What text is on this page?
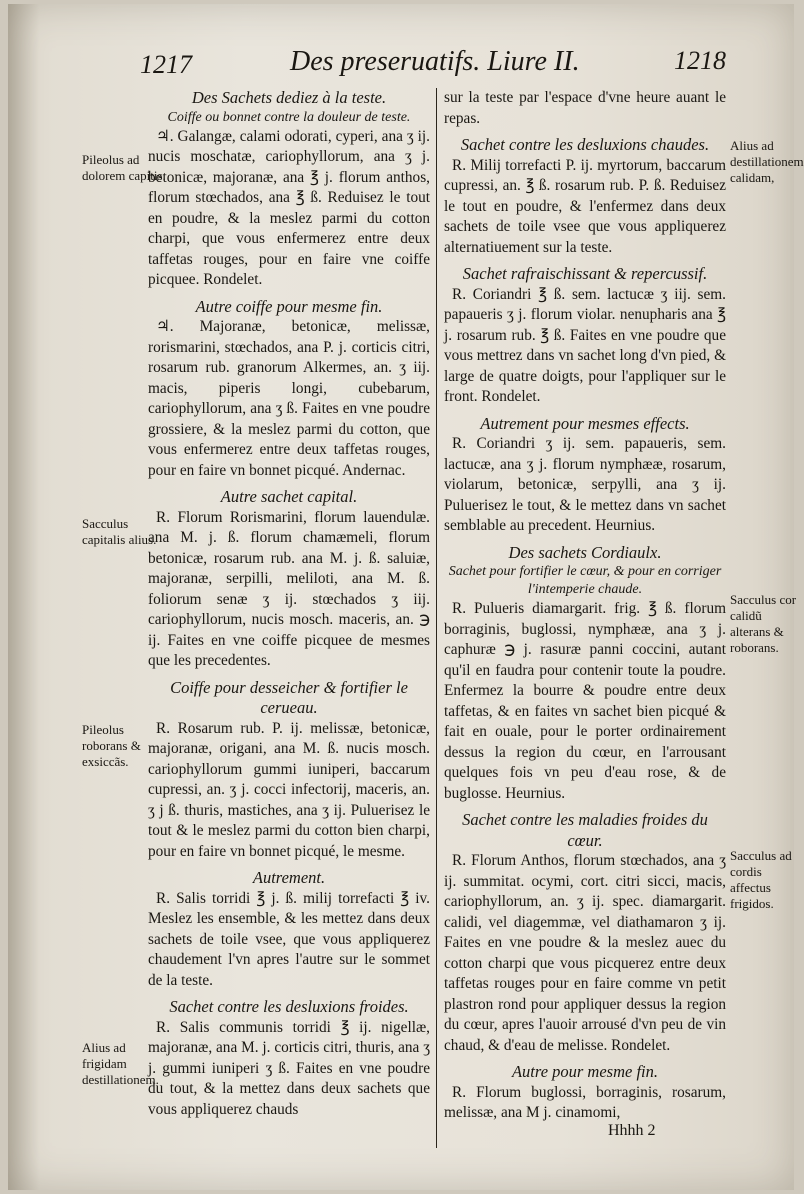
1217	Des preseruatifs. Liure II.	1218
Des Sachets dediez à la teste.
Coiffe ou bonnet contre la douleur de teste.
♃. Galangæ, calami odorati, cyperi, ana ʒ ij. nucis moschatæ, cariophyllorum, ana ʒ j. betonicæ, majoranæ, ana ℥ j. florum anthos, florum stœchados, ana ℥ ß. Reduisez le tout en poudre, & la meslez parmi du cotton charpi, que vous enfermerez entre deux taffetas rouges, pour en faire vne coiffe picquee. Rondelet.
Autre coiffe pour mesme fin.
♃. Majoranæ, betonicæ, melissæ, rorismarini, stœchados, ana P. j. corticis citri, rosarum rub. granorum Alkermes, an. ʒ iij. macis, piperis longi, cubebarum, cariophyllorum, ana ʒ ß. Faites en vne poudre grossiere, & la meslez parmi du cotton, que vous enfermerez entre deux taffetas rouges, pour en faire vn bonnet picqué. Andernac.
Autre sachet capital.
R. Florum Rorismarini, florum lauendulæ. ana M. j. ß. florum chamæmeli, florum betonicæ, rosarum rub. ana M. j. ß. saluiæ, majoranæ, serpilli, meliloti, ana M. ß. foliorum senæ ʒ ij. stœchados ʒ iij. cariophyllorum, nucis mosch. maceris, an. ℈ ij. Faites en vne coiffe picquee de mesmes que les precedentes.
Coiffe pour desseicher & fortifier le cerueau.
R. Rosarum rub. P. ij. melissæ, betonicæ, majoranæ, origani, ana M. ß. nucis mosch. cariophyllorum gummi iuniperi, baccarum cupressi, an. ʒ j. cocci infectorij, maceris, an. ʒ j ß. thuris, mastiches, ana ʒ ij. Puluerisez le tout & le meslez parmi du cotton bien charpi, pour en faire vn bonnet picqué, le mesme.
Autrement.
R. Salis torridi ℥ j. ß. milij torrefacti ℥ iv. Meslez les ensemble, & les mettez dans deux sachets de toile vsee, que vous appliquerez chaudement l'vn apres l'autre sur le sommet de la teste.
Sachet contre les desluxions froides.
R. Salis communis torridi ℥ ij. nigellæ, majoranæ, ana M. j. corticis citri, thuris, ana ʒ j. gummi iuniperi ʒ ß. Faites en vne poudre du tout, & la mettez dans deux sachets que vous appliquerez chauds
sur la teste par l'espace d'vne heure auant le repas.
Sachet contre les desluxions chaudes.
R. Milij torrefacti P. ij. myrtorum, baccarum cupressi, an. ℥ ß. rosarum rub. P. ß. Reduisez le tout en poudre, & l'enfermez dans deux sachets de toile vsee que vous appliquerez alternatiuement sur la teste.
Sachet rafraischissant & repercussif.
R. Coriandri ℥ ß. sem. lactucæ ʒ iij. sem. papaueris ʒ j. florum violar. nenupharis ana ℥ j. rosarum rub. ℥ ß. Faites en vne poudre que vous mettrez dans vn sachet long d'vn pied, & large de quatre doigts, pour l'appliquer sur le front. Rondelet.
Autrement pour mesmes effects.
R. Coriandri ʒ ij. sem. papaueris, sem. lactucæ, ana ʒ j. florum nymphææ, rosarum, violarum, betonicæ, serpylli, ana ʒ ij. Puluerisez le tout, & le mettez dans vn sachet semblable au precedent. Heurnius.
Des sachets Cordiaulx.
Sachet pour fortifier le cœur, & pour en corriger l'intemperie chaude.
R. Pulueris diamargarit. frig. ℥ ß. florum borraginis, buglossi, nymphææ, ana ʒ j. caphuræ ℈ j. rasuræ panni coccini, autant qu'il en faudra pour contenir toute la poudre. Enfermez la bourre & poudre entre deux taffetas, & en faites vn sachet bien picqué & fait en ouale, pour le porter ordinairement dessus la region du cœur, en l'arrousant quelques fois vn peu d'eau rose, & de buglosse. Heurnius.
Sachet contre les maladies froides du cœur.
R. Florum Anthos, florum stœchados, ana ʒ ij. summitat. ocymi, cort. citri sicci, macis, cariophyllorum, an. ʒ ij. spec. diamargarit. calidi, vel diagemmæ, vel diathamaron ʒ ij. Faites en vne poudre & la meslez auec du cotton charpi que vous picquerez entre deux taffetas rouges pour en faire comme vn petit plastron rond pour appliquer dessus la region du cœur, apres l'auoir arrousé d'vn peu de vin chaud, & d'eau de melisse. Rondelet.
Autre pour mesme fin.
R. Florum buglossi, borraginis, rosarum, melissæ, ana M j. cinamomi,
Pileolus ad dolorem capitis.
Sacculus capitalis alius.
Pileolus roborans & exsiccãs.
Alius ad frigidam destillationem.
Alius ad destillationem calidam,
Sacculus cor calidũ alterans & roborans.
Sacculus ad cordis affectus frigidos.
Hhhh 2
